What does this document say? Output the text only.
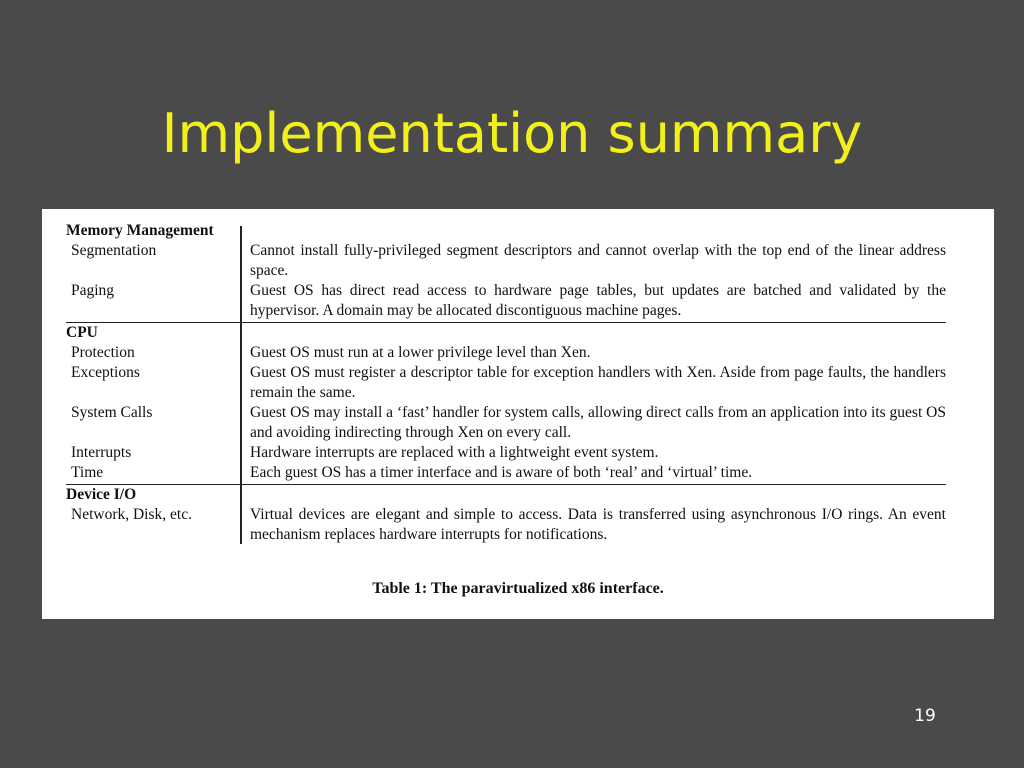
Implementation summary
Memory Management
Segmentation	Cannot install fully-privileged segment descriptors and cannot overlap with the top end of the linear address space.
Paging	Guest OS has direct read access to hardware page tables, but updates are batched and validated by the hypervisor. A domain may be allocated discontiguous machine pages.
CPU
Protection	Guest OS must run at a lower privilege level than Xen.
Exceptions	Guest OS must register a descriptor table for exception handlers with Xen. Aside from page faults, the handlers remain the same.
System Calls	Guest OS may install a ‘fast’ handler for system calls, allowing direct calls from an application into its guest OS and avoiding indirecting through Xen on every call.
Interrupts	Hardware interrupts are replaced with a lightweight event system.
Time	Each guest OS has a timer interface and is aware of both ‘real’ and ‘virtual’ time.
Device I/O
Network, Disk, etc.	Virtual devices are elegant and simple to access. Data is transferred using asynchronous I/O rings. An event mechanism replaces hardware interrupts for notifications.
Table 1: The paravirtualized x86 interface.
19
